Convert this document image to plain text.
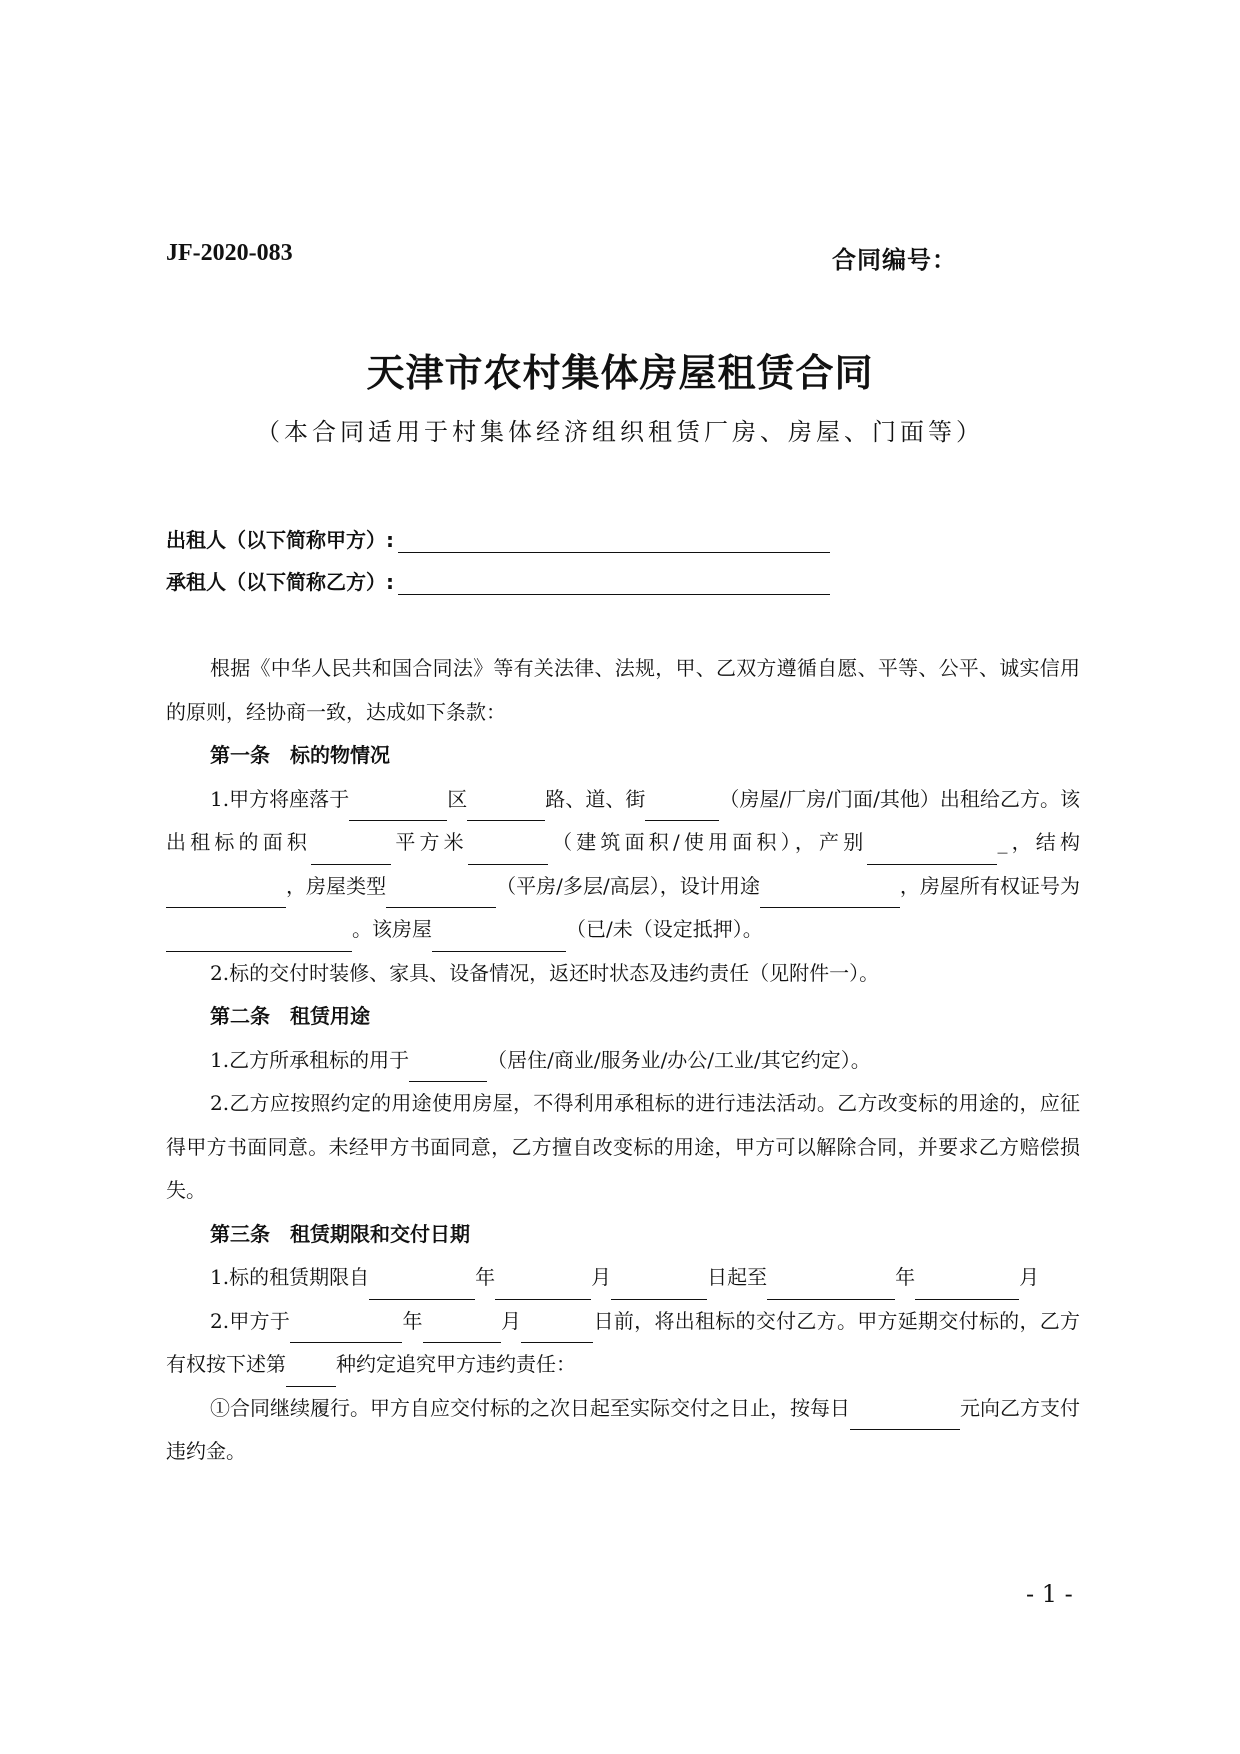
JF-2020-083	合同编号：
天津市农村集体房屋租赁合同
（本合同适用于村集体经济组织租赁厂房、房屋、门面等）
出租人（以下简称甲方）:
承租人（以下简称乙方）:

根据《中华人民共和国合同法》等有关法律、法规，甲、乙双方遵循自愿、平等、公平、诚实信用的原则，经协商一致，达成如下条款：

第一条　标的物情况

1.甲方将座落于	区	路、道、街	（房屋/厂房/门面/其他）出租给乙方。该出租标的面积	平方米	（建筑面积/使用面积），产别	_，结构，房屋类型	（平房/多层/高层），设计用途	，房屋所有权证号为。该房屋	（已/未（设定抵押）。

2.标的交付时装修、家具、设备情况，返还时状态及违约责任（见附件一）。

第二条　租赁用途

1.乙方所承租标的用于	（居住/商业/服务业/办公/工业/其它约定）。

2.乙方应按照约定的用途使用房屋，不得利用承租标的进行违法活动。乙方改变标的用途的，应征得甲方书面同意。未经甲方书面同意，乙方擅自改变标的用途，甲方可以解除合同，并要求乙方赔偿损失。

第三条　租赁期限和交付日期

1.标的租赁期限自	年	月	日起至	年	月

2.甲方于	年	月	日前，将出租标的交付乙方。甲方延期交付标的，乙方有权按下述第	种约定追究甲方违约责任：

①合同继续履行。甲方自应交付标的之次日起至实际交付之日止，按每日	元向乙方支付违约金。

- 1 -
